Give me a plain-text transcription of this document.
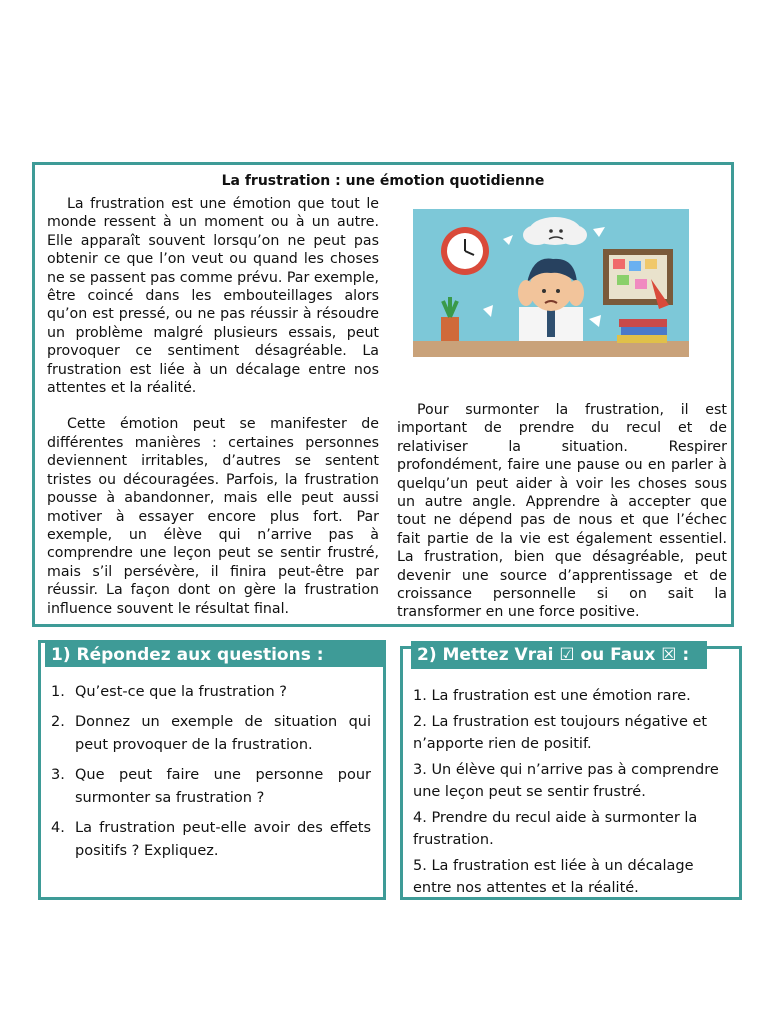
La frustration : une émotion quotidienne

La frustration est une émotion que tout le monde ressent à un moment ou à un autre. Elle apparaît souvent lorsqu’on ne peut pas obtenir ce que l’on veut ou quand les choses ne se passent pas comme prévu. Par exemple, être coincé dans les embouteillages alors qu’on est pressé, ou ne pas réussir à résoudre un problème malgré plusieurs essais, peut provoquer ce sentiment désagréable. La frustration est liée à un décalage entre nos attentes et la réalité.

Cette émotion peut se manifester de différentes manières : certaines personnes deviennent irritables, d’autres se sentent tristes ou découragées. Parfois, la frustration pousse à abandonner, mais elle peut aussi motiver à essayer encore plus fort. Par exemple, un élève qui n’arrive pas à comprendre une leçon peut se sentir frustré, mais s’il persévère, il finira peut-être par réussir. La façon dont on gère la frustration influence souvent le résultat final.

Pour surmonter la frustration, il est important de prendre du recul et de relativiser la situation. Respirer profondément, faire une pause ou en parler à quelqu’un peut aider à voir les choses sous un autre angle. Apprendre à accepter que tout ne dépend pas de nous et que l’échec fait partie de la vie est également essentiel. La frustration, bien que désagréable, peut devenir une source d’apprentissage et de croissance personnelle si on sait la transformer en une force positive.

1) Répondez aux questions :
1. Qu’est-ce que la frustration ?
2. Donnez un exemple de situation qui peut provoquer de la frustration.
3. Que peut faire une personne pour surmonter sa frustration ?
4. La frustration peut-elle avoir des effets positifs ? Expliquez.
2) Mettez Vrai ☑ ou Faux ☒ :
1. La frustration est une émotion rare.
2. La frustration est toujours négative et n’apporte rien de positif.
3. Un élève qui n’arrive pas à comprendre une leçon peut se sentir frustré.
4. Prendre du recul aide à surmonter la frustration.
5. La frustration est liée à un décalage entre nos attentes et la réalité.
